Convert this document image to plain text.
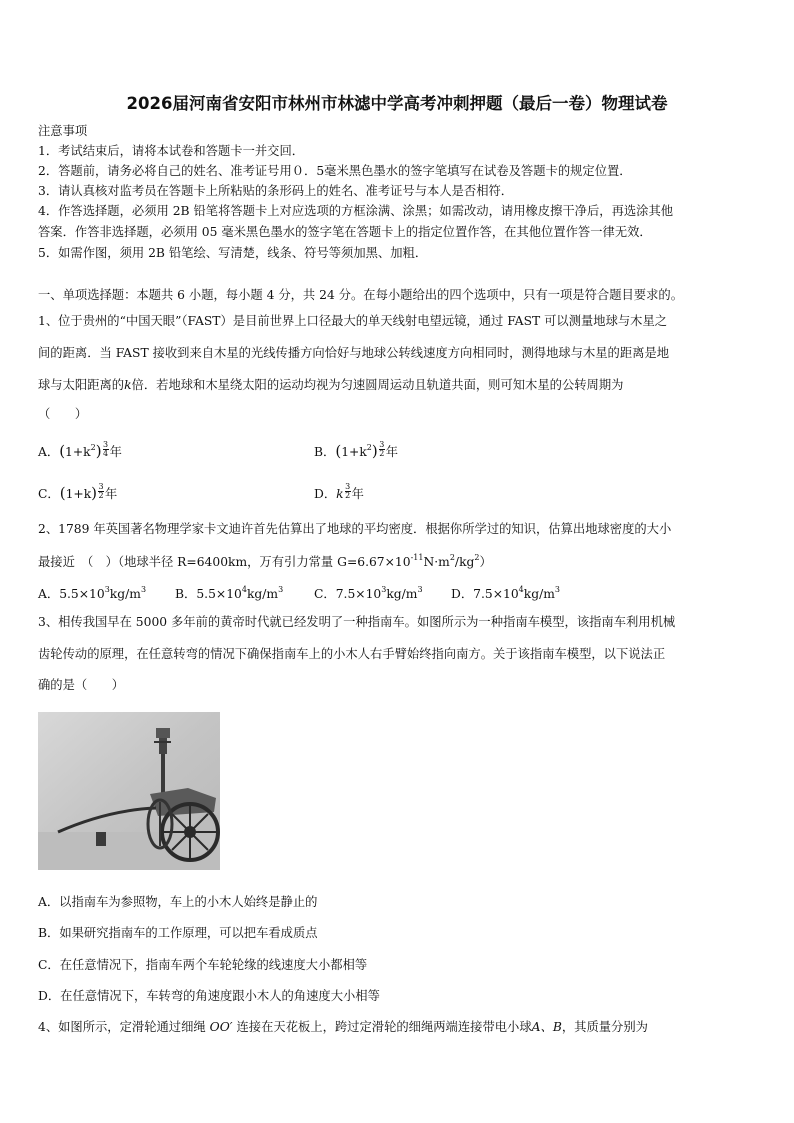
2026届河南省安阳市林州市林滤中学高考冲刺押题（最后一卷）物理试卷
注意事项
1．考试结束后，请将本试卷和答题卡一并交回．
2．答题前，请务必将自己的姓名、准考证号用０．5毫米黑色墨水的签字笔填写在试卷及答题卡的规定位置．
3．请认真核对监考员在答题卡上所粘贴的条形码上的姓名、准考证号与本人是否相符．
4．作答选择题，必须用 2B 铅笔将答题卡上对应选项的方框涂满、涂黑；如需改动，请用橡皮擦干净后，再选涂其他
答案．作答非选择题，必须用 05 毫米黑色墨水的签字笔在答题卡上的指定位置作答，在其他位置作答一律无效．
5．如需作图，须用 2B 铅笔绘、写清楚，线条、符号等须加黑、加粗．
一、单项选择题：本题共 6 小题，每小题 4 分，共 24 分。在每小题给出的四个选项中，只有一项是符合题目要求的。
1、位于贵州的“中国天眼”（FAST）是目前世界上口径最大的单天线射电望远镜，通过 FAST 可以测量地球与木星之
间的距离．当 FAST 接收到来自木星的光线传播方向恰好与地球公转线速度方向相同时，测得地球与木星的距离是地
球与太阳距离的k倍．若地球和木星绕太阳的运动均视为匀速圆周运动且轨道共面，则可知木星的公转周期为
（　　）
A．$(1+k^2)$ $^{\frac{3}{4}}$ 年	B．$(1+k^2)$ $^{\frac{3}{2}}$ 年
C．(1+k) $^{\frac{3}{2}}$ 年	D．k $^{\frac{3}{2}}$ 年
2、1789 年英国著名物理学家卡文迪许首先估算出了地球的平均密度．根据你所学过的知识，估算出地球密度的大小
最接近　（　）（地球半径 R=6400km，万有引力常量 $G=6.67\times 10^{-11}N\cdot m^2/kg^2$）
A．$5.5\times 10^3kg/m^3$ B．$5.5\times 10^4kg/m^3$	C．$7.5\times 10^3kg/m^3$ D．$7.5\times 10^4kg/m^3$
3、相传我国早在 5000 多年前的黄帝时代就已经发明了一种指南车。如图所示为一种指南车模型，该指南车利用机械
齿轮传动的原理，在任意转弯的情况下确保指南车上的小木人右手臂始终指向南方。关于该指南车模型，以下说法正
确的是（　　）
A．以指南车为参照物，车上的小木人始终是静止的
B．如果研究指南车的工作原理，可以把车看成质点
C．在任意情况下，指南车两个车轮轮缘的线速度大小都相等
D．在任意情况下，车转弯的角速度跟小木人的角速度大小相等
4、如图所示，定滑轮通过细绳 OO′ 连接在天花板上，跨过定滑轮的细绳两端连接带电小球A、B，其质量分别为
